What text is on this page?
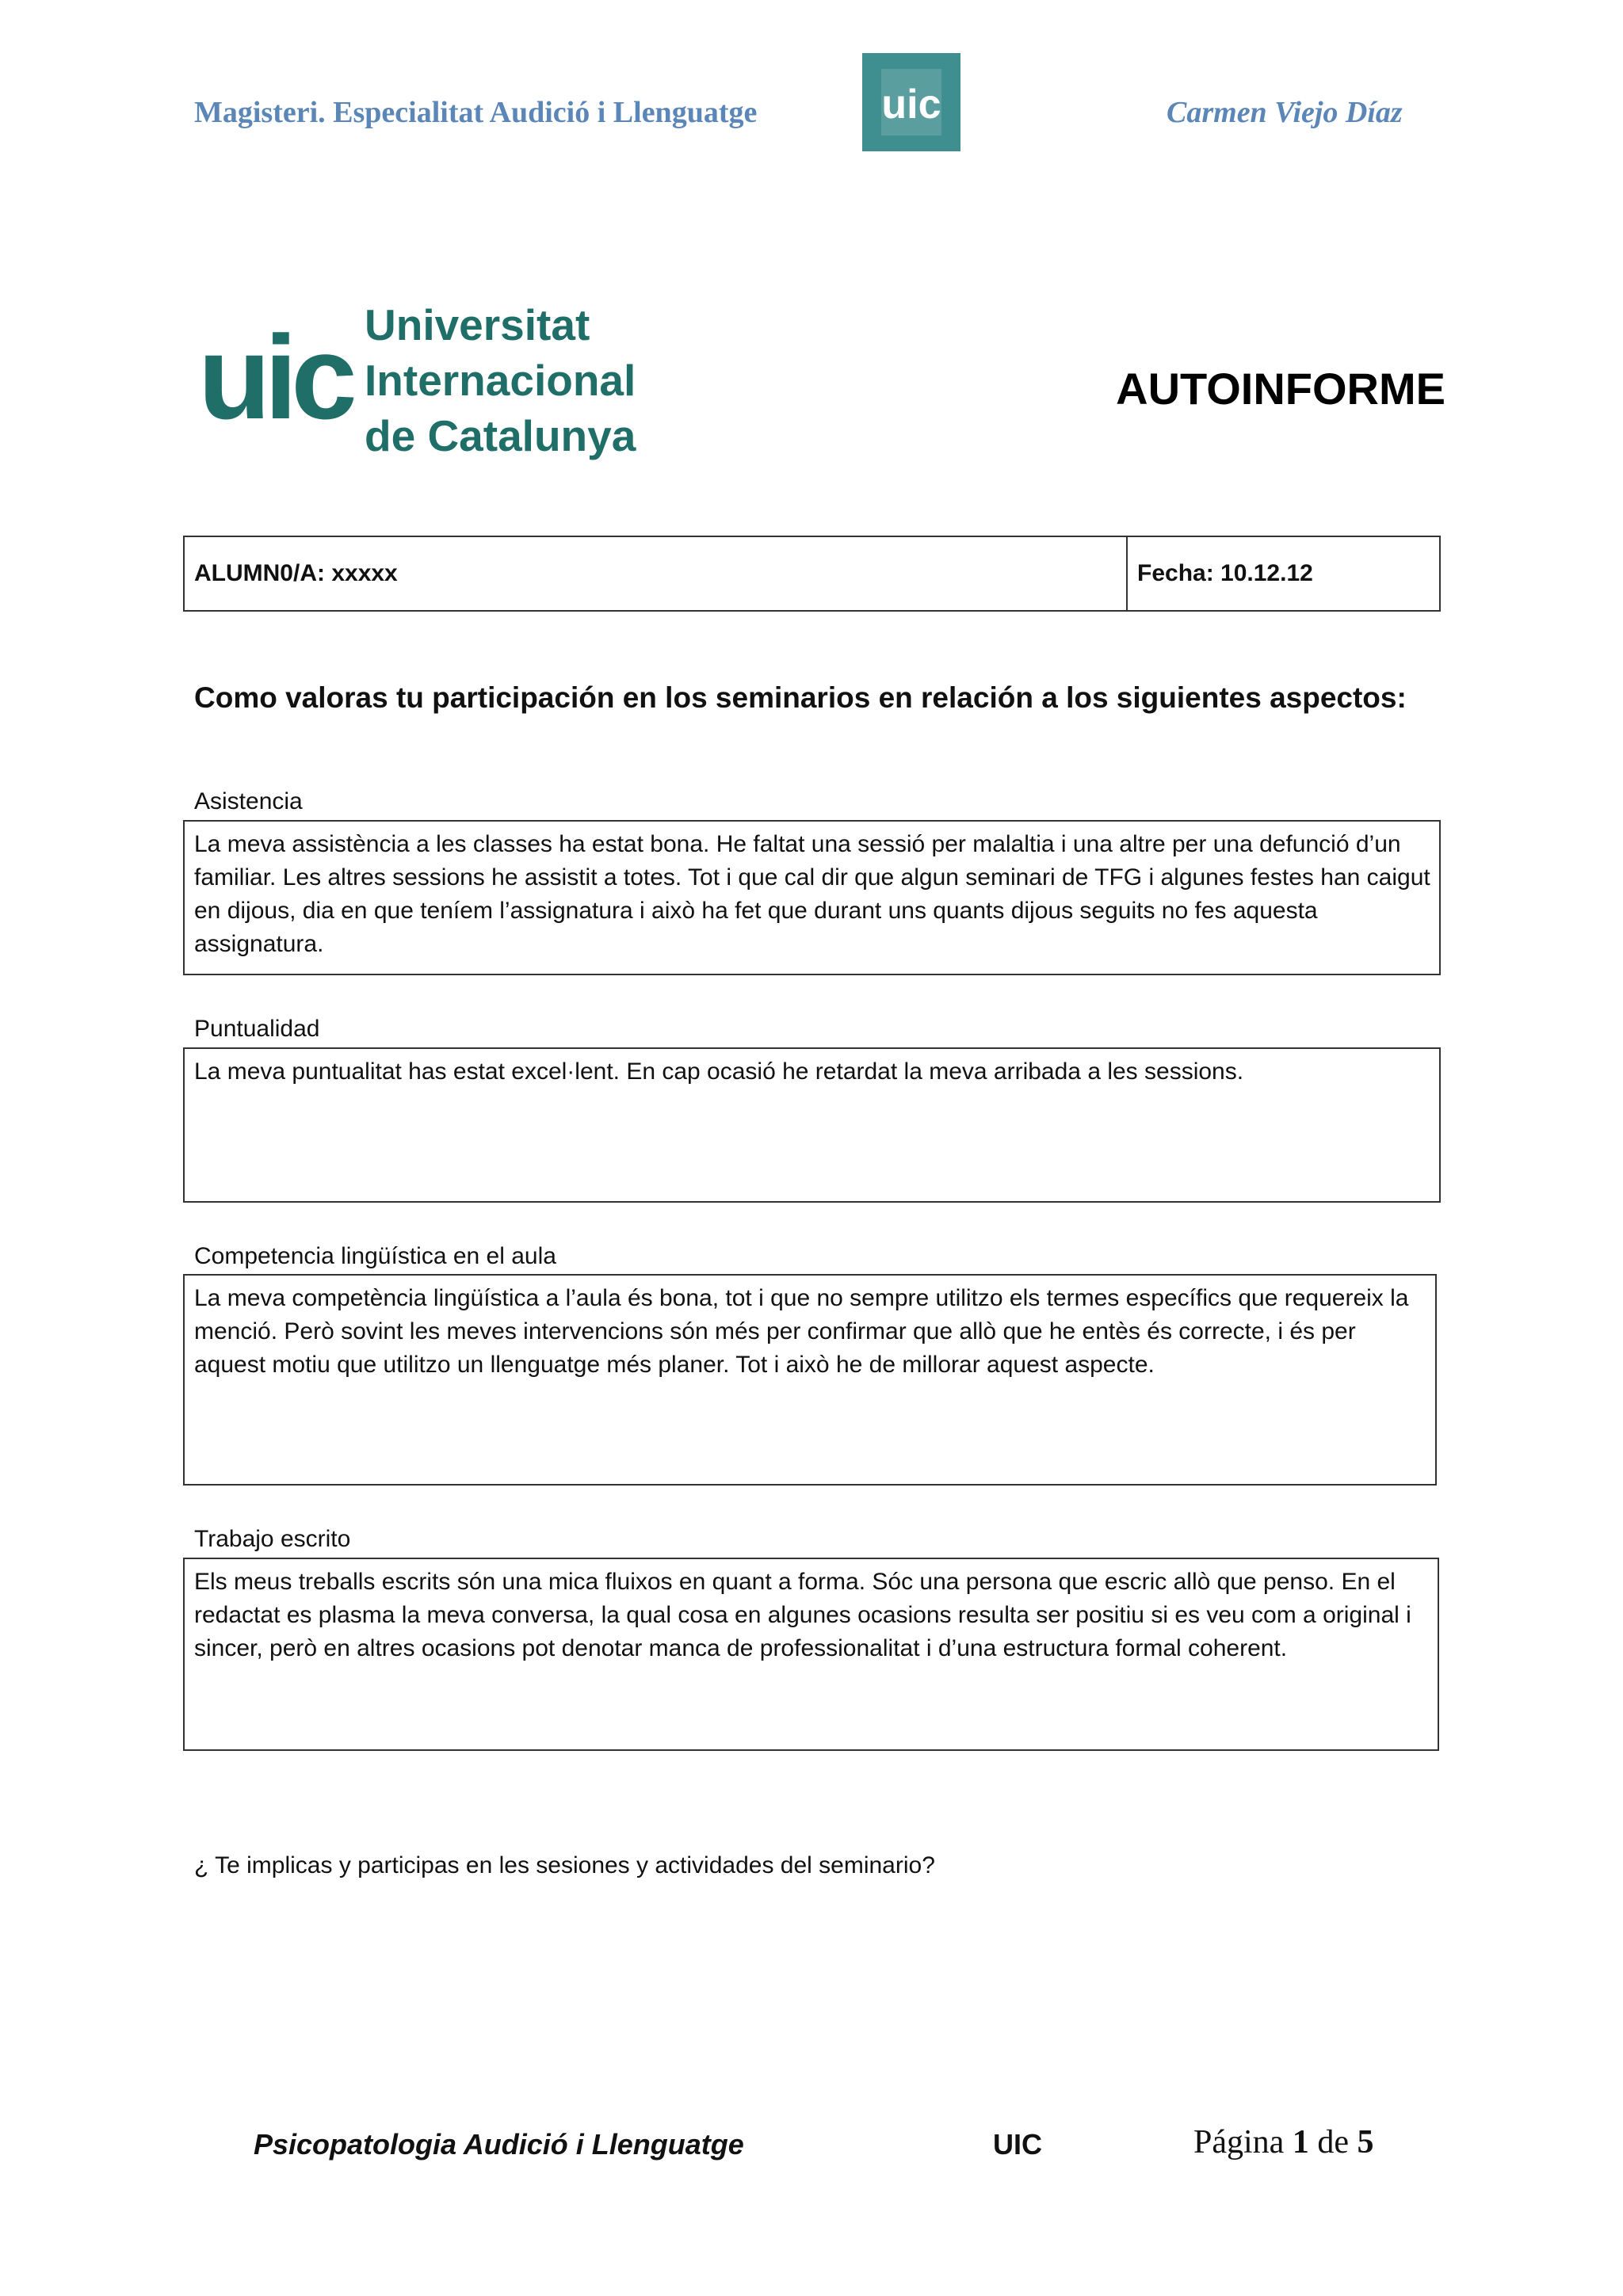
Magisteri. Especialitat Audició i Llenguatge	uic	Carmen Viejo Díaz
uic Universitat
Internacional
de Catalunya
AUTOINFORME
ALUMN0/A: xxxxx	Fecha: 10.12.12
Como valoras tu participación en los seminarios en relación a los siguientes aspectos:
Asistencia
La meva assistència a les classes ha estat bona. He faltat una sessió per malaltia i una altre per una defunció d’un familiar. Les altres sessions he assistit a totes. Tot i que cal dir que algun seminari de TFG i algunes festes han caigut en dijous, dia en que teníem l’assignatura i això ha fet que durant uns quants dijous seguits no fes aquesta assignatura.
Puntualidad
La meva puntualitat has estat excel·lent. En cap ocasió he retardat la meva arribada a les sessions.
Competencia lingüística en el aula
La meva competència lingüística a l’aula és bona, tot i que no sempre utilitzo els termes específics que requereix la menció. Però sovint les meves intervencions són més per confirmar que allò que he entès és correcte, i és per aquest motiu que utilitzo un llenguatge més planer. Tot i això he de millorar aquest aspecte.
Trabajo escrito
Els meus treballs escrits són una mica fluixos en quant a forma. Sóc una persona que escric allò que penso. En el redactat es plasma la meva conversa, la qual cosa en algunes ocasions resulta ser positiu si es veu com a original i sincer, però en altres ocasions pot denotar manca de professionalitat i d’una estructura formal coherent.
¿ Te implicas y participas en les sesiones y actividades del seminario?
Psicopatologia Audició i Llenguatge	UIC	Página 1 de 5
